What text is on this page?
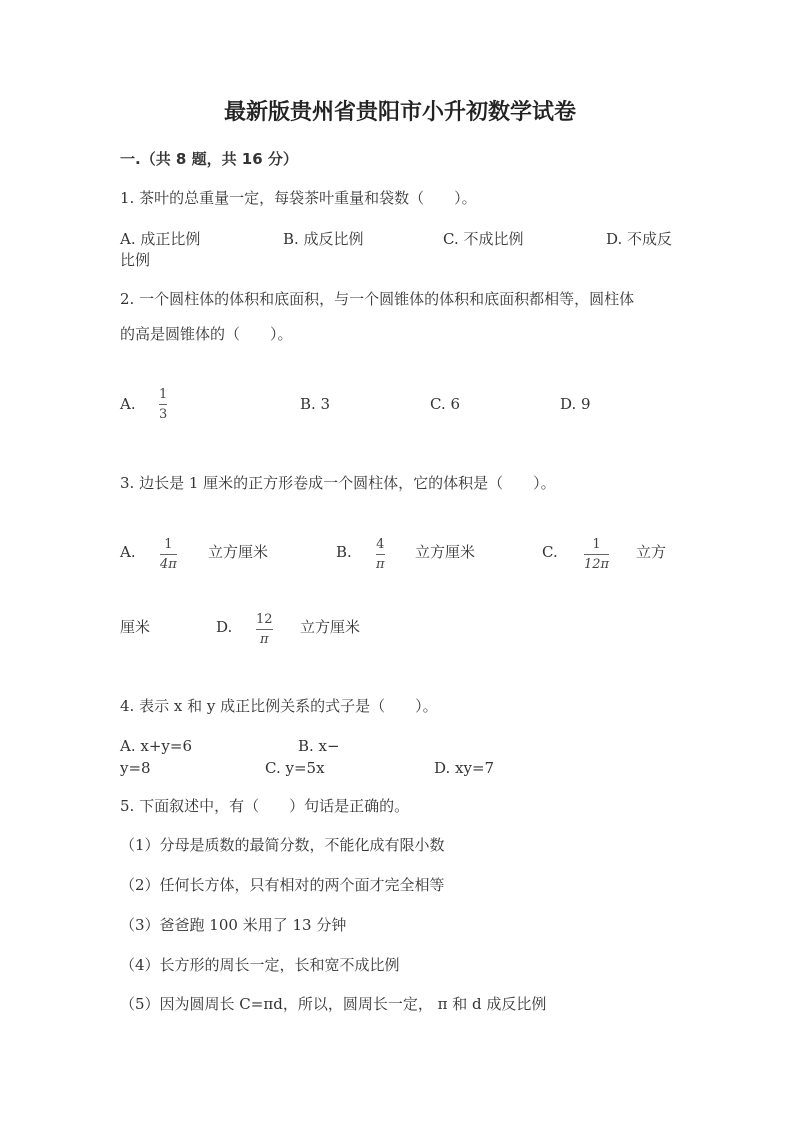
最新版贵州省贵阳市小升初数学试卷
一.（共 8 题，共 16 分）
1. 茶叶的总重量一定，每袋茶叶重量和袋数（　　）。
A. 成正比例	B. 成反比例	C. 不成比例	D. 不成反
比例
2. 一个圆柱体的体积和底面积，与一个圆锥体的体积和底面积都相等，圆柱体
的高是圆锥体的（　　）。
A.
1
3
B. 3	C. 6	D. 9
3. 边长是 1 厘米的正方形卷成一个圆柱体，它的体积是（　　）。
A. 1
4π
立方厘米	B. 4
π
立方厘米	C.	1
12π
立方
厘米	D. 12
π
立方厘米
4. 表示 x 和 y 成正比例关系的式子是（　　）。
A. x+y=6	B. x−
y=8	C. y=5x	D. xy=7
5. 下面叙述中，有（　　）句话是正确的。
（1）分母是质数的最简分数，不能化成有限小数
（2）任何长方体，只有相对的两个面才完全相等
（3）爸爸跑 100 米用了 13 分钟
（4）长方形的周长一定，长和宽不成比例
（5）因为圆周长 C=πd，所以，圆周长一定， π 和 d 成反比例
